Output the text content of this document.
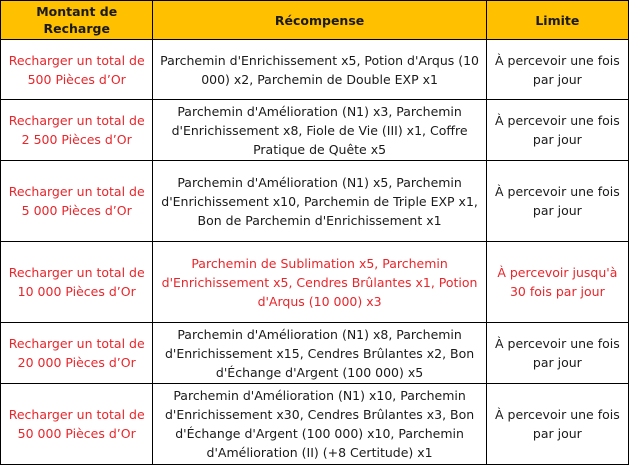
Montant de Recharge	Récompense	Limite
Recharger un total de 500 Pièces d’Or	Parchemin d'Enrichissement x5, Potion d'Arqus (10 000) x2, Parchemin de Double EXP x1	À percevoir une fois par jour
Recharger un total de 2 500 Pièces d’Or	Parchemin d'Amélioration (N1) x3, Parchemin d'Enrichissement x8, Fiole de Vie (III) x1, Coffre Pratique de Quête x5	À percevoir une fois par jour
Recharger un total de 5 000 Pièces d’Or	Parchemin d'Amélioration (N1) x5, Parchemin d'Enrichissement x10, Parchemin de Triple EXP x1, Bon de Parchemin d'Enrichissement x1	À percevoir une fois par jour
Recharger un total de 10 000 Pièces d’Or	Parchemin de Sublimation x5, Parchemin d'Enrichissement x5, Cendres Brûlantes x1, Potion d'Arqus (10 000) x3	À percevoir jusqu'à 30 fois par jour
Recharger un total de 20 000 Pièces d’Or	Parchemin d'Amélioration (N1) x8, Parchemin d'Enrichissement x15, Cendres Brûlantes x2, Bon d'Échange d'Argent (100 000) x5	À percevoir une fois par jour
Recharger un total de 50 000 Pièces d’Or	Parchemin d'Amélioration (N1) x10, Parchemin d'Enrichissement x30, Cendres Brûlantes x3, Bon d'Échange d'Argent (100 000) x10, Parchemin d'Amélioration (II) (+8 Certitude) x1	À percevoir une fois par jour
